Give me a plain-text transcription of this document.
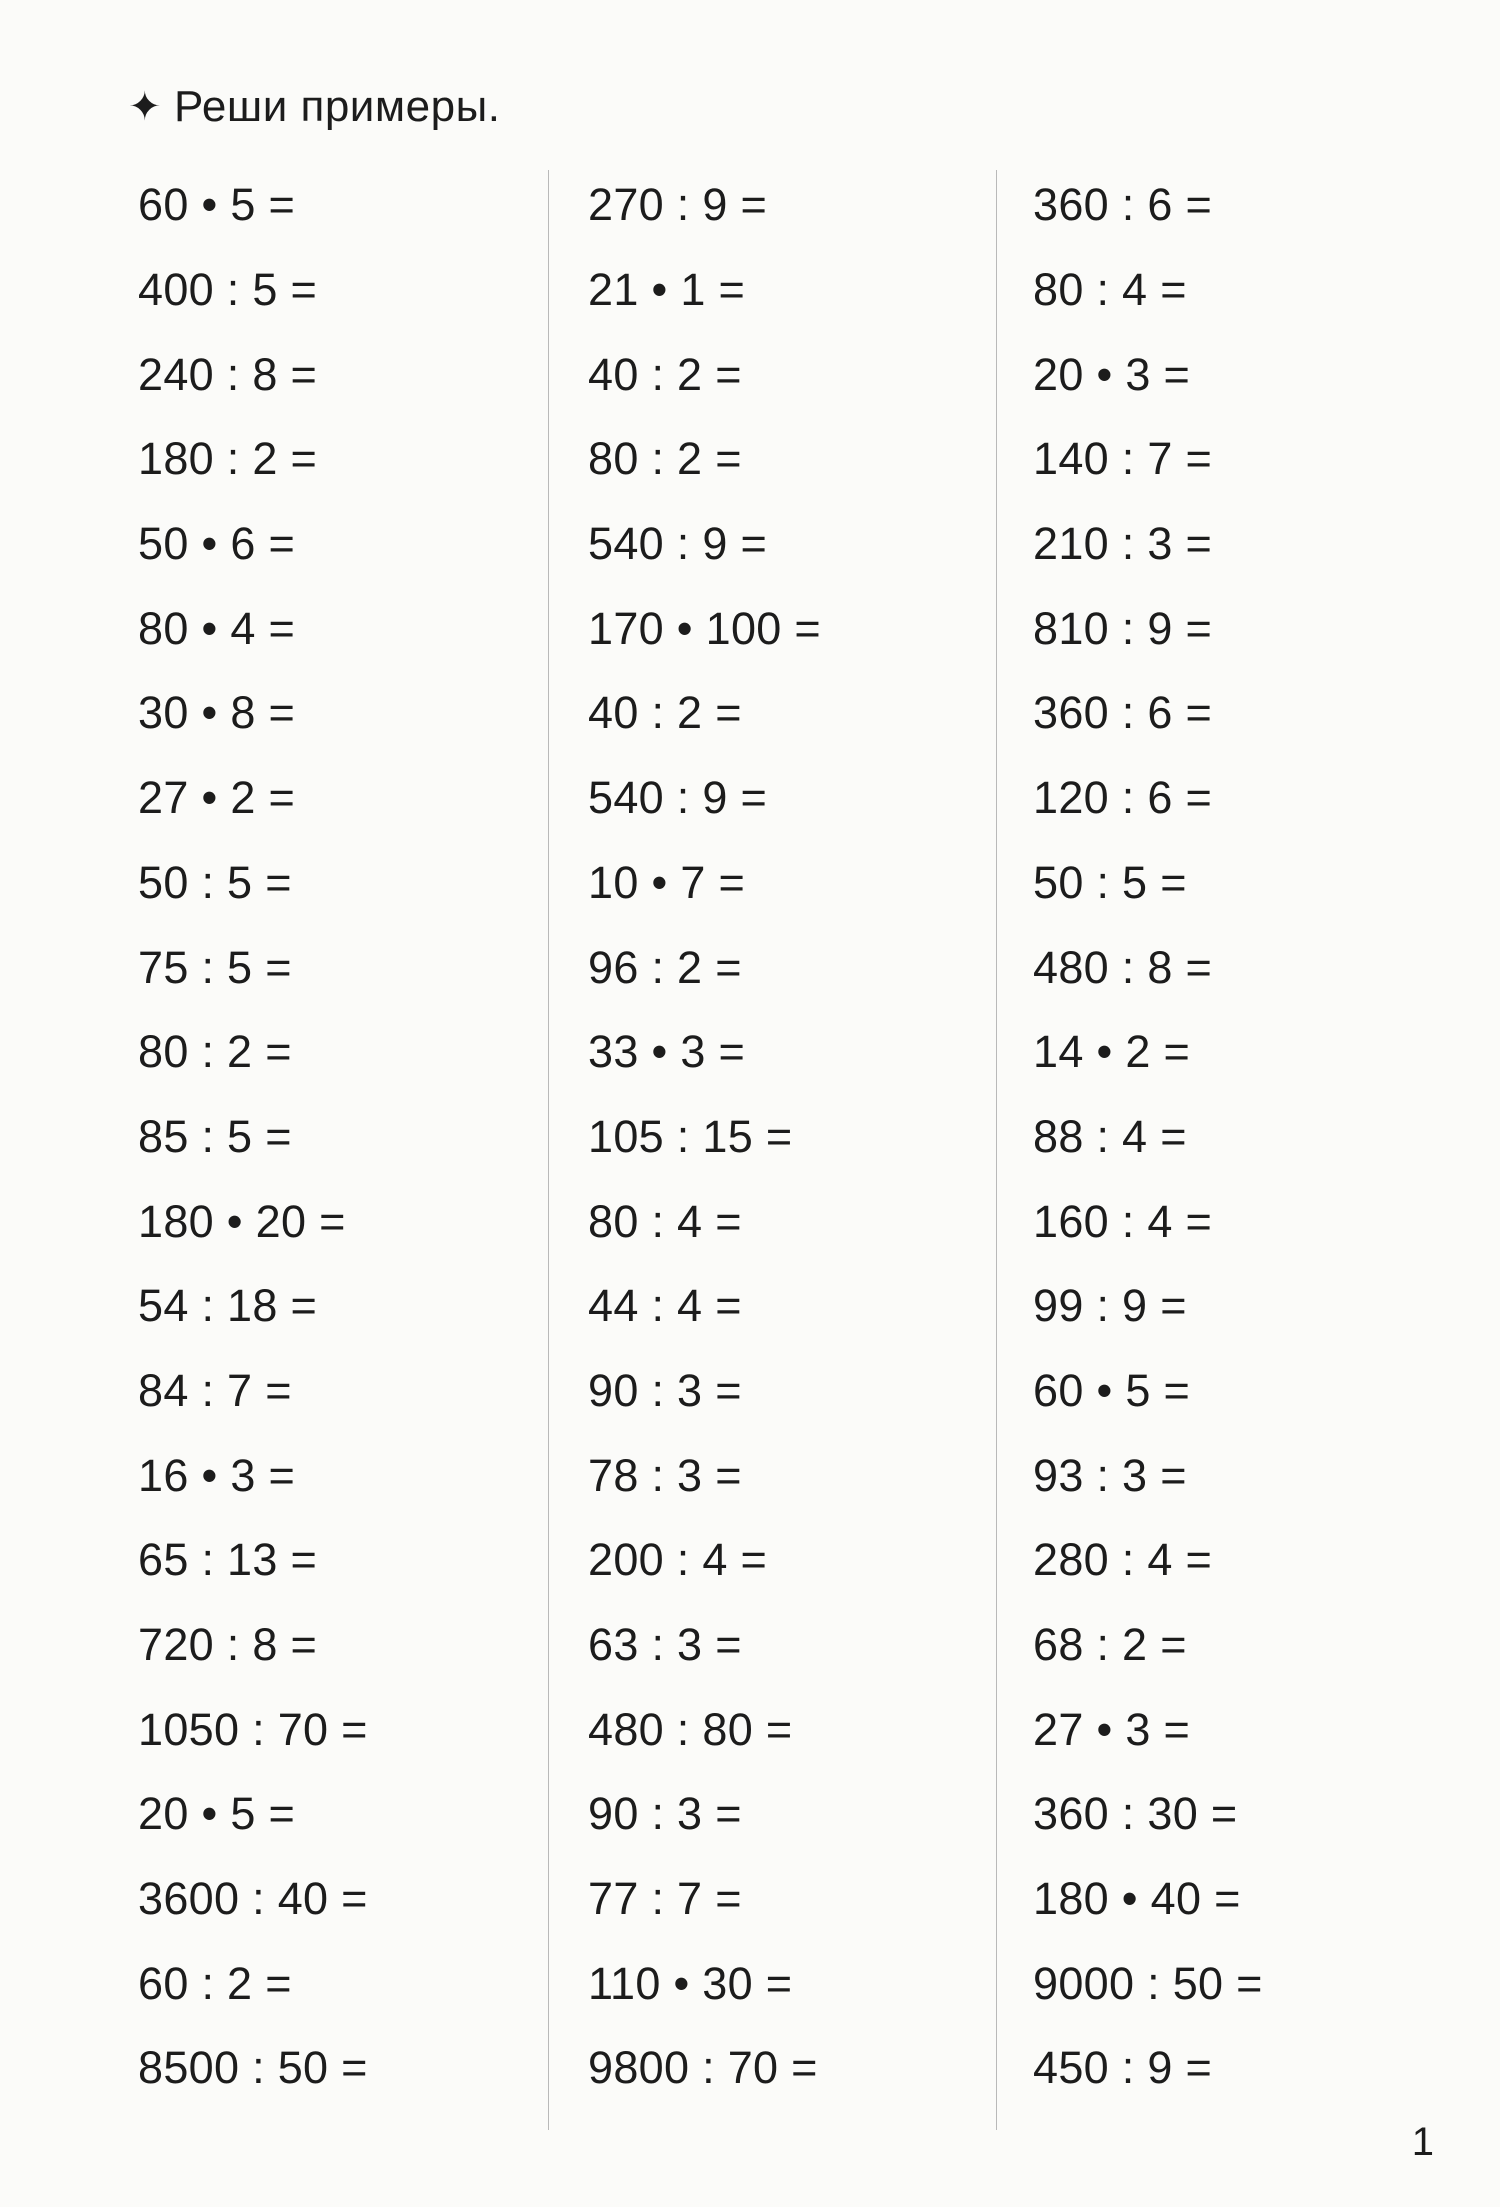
✦ Реши примеры.
60 • 5 =
400 : 5 =
240 : 8 =
180 : 2 =
50 • 6 =
80 • 4 =
30 • 8 =
27 • 2 =
50 : 5 =
75 : 5 =
80 : 2 =
85 : 5 =
180 • 20 =
54 : 18 =
84 : 7 =
16 • 3 =
65 : 13 =
720 : 8 =
1050 : 70 =
20 • 5 =
3600 : 40 =
60 : 2 =
8500 : 50 =
270 : 9 =
21 • 1 =
40 : 2 =
80 : 2 =
540 : 9 =
170 • 100 =
40 : 2 =
540 : 9 =
10 • 7 =
96 : 2 =
33 • 3 =
105 : 15 =
80 : 4 =
44 : 4 =
90 : 3 =
78 : 3 =
200 : 4 =
63 : 3 =
480 : 80 =
90 : 3 =
77 : 7 =
110 • 30 =
9800 : 70 =
360 : 6 =
80 : 4 =
20 • 3 =
140 : 7 =
210 : 3 =
810 : 9 =
360 : 6 =
120 : 6 =
50 : 5 =
480 : 8 =
14 • 2 =
88 : 4 =
160 : 4 =
99 : 9 =
60 • 5 =
93 : 3 =
280 : 4 =
68 : 2 =
27 • 3 =
360 : 30 =
180 • 40 =
9000 : 50 =
450 : 9 =
1
